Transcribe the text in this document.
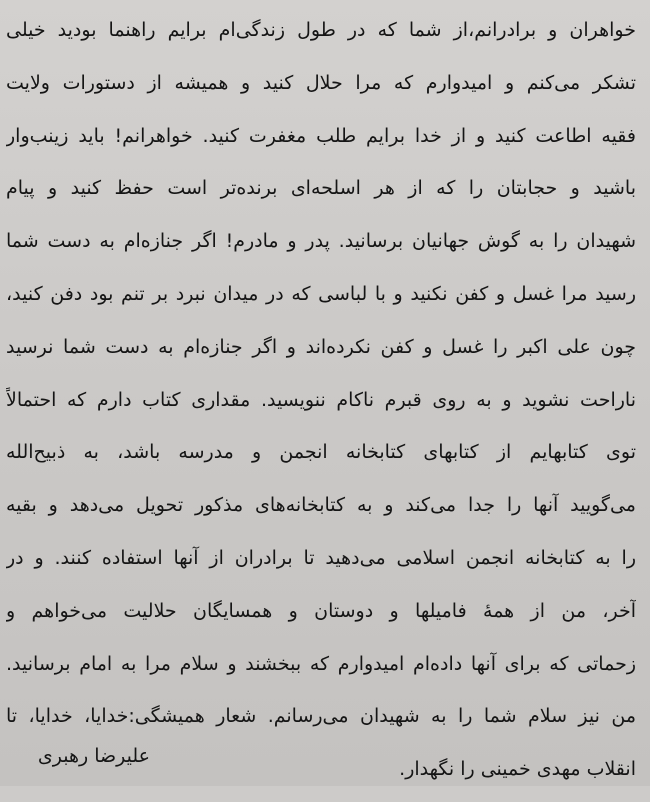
خواهران و برادرانم،از شما که در طول زندگی‌ام برایم راهنما بودید خیلی
تشکر می‌کنم و امیدوارم که مرا حلال کنید و همیشه از دستورات ولایت
فقیه اطاعت کنید و از خدا برایم طلب مغفرت کنید. خواهرانم! باید زینب‌وار
باشید و حجابتان را که از هر اسلحه‌ای برنده‌تر است حفظ کنید و پیام
شهیدان را به گوش جهانیان برسانید. پدر و مادرم! اگر جنازه‌ام به دست شما
رسید مرا غسل و کفن نکنید و با لباسی که در میدان نبرد بر تنم بود دفن کنید،
چون علی اکبر را غسل و کفن نکرده‌اند و اگر جنازه‌ام به دست شما نرسید
ناراحت نشوید و به روی قبرم ناکام ننویسید. مقداری کتاب دارم که احتمالاً
توی کتابهایم از کتابهای کتابخانه انجمن و مدرسه باشد، به ذبیح‌الله
می‌گویید آنها را جدا می‌کند و به کتابخانه‌های مذکور تحویل می‌دهد و بقیه
را به کتابخانه انجمن اسلامی می‌دهید تا برادران از آنها استفاده کنند. و در
آخر، من از همهٔ فامیلها و دوستان و همسایگان حلالیت می‌خواهم و
زحماتی که برای آنها داده‌ام امیدوارم که ببخشند و سلام مرا به امام برسانید.
من نیز سلام شما را به شهیدان می‌رسانم. شعار همیشگی:خدایا، خدایا، تا
انقلاب مهدی خمینی را نگهدار.
علیرضا رهبری
